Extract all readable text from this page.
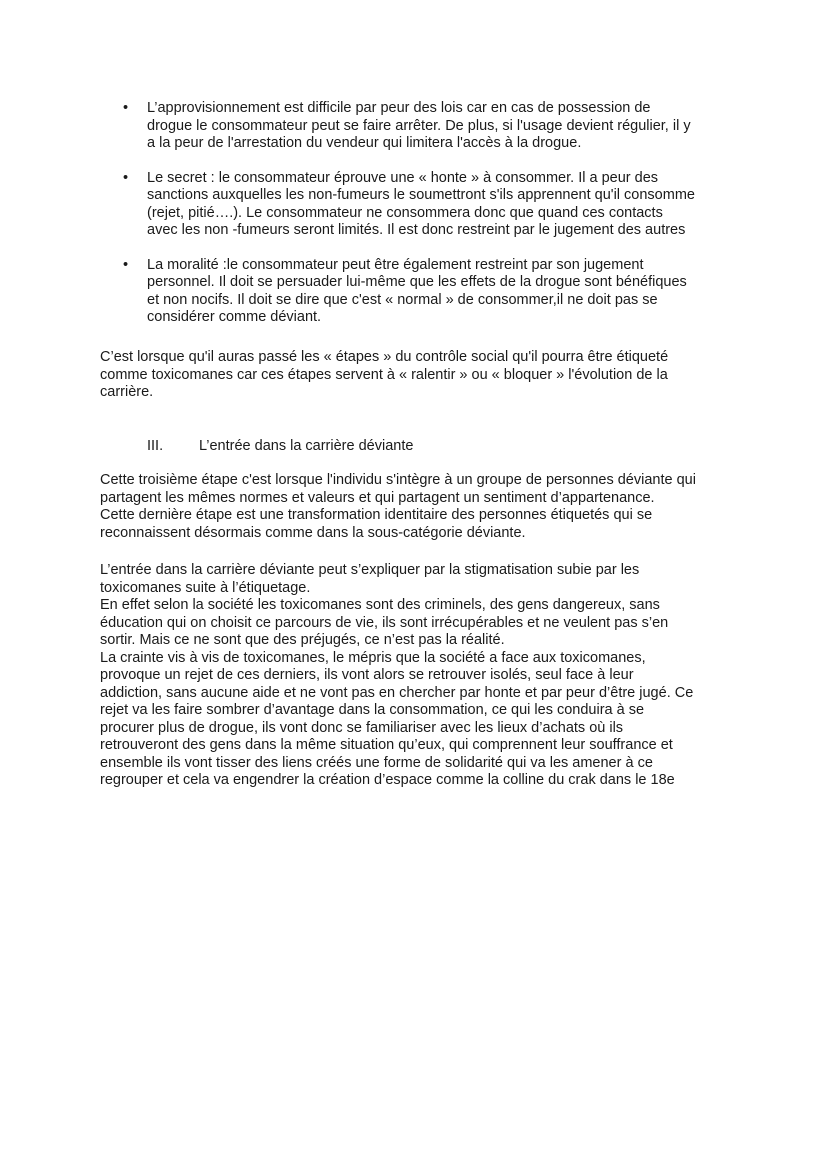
• L’approvisionnement est difficile par peur des lois car en cas de possession de
drogue le consommateur peut se faire arrêter. De plus, si l'usage devient régulier, il y
a la peur de l'arrestation du vendeur qui limitera l'accès à la drogue.
• Le secret : le consommateur éprouve une « honte » à consommer. Il a peur des
sanctions auxquelles les non-fumeurs le soumettront s'ils apprennent qu'il consomme
(rejet, pitié….). Le consommateur ne consommera donc que quand ces contacts
avec les non -fumeurs seront limités. Il est donc restreint par le jugement des autres
• La moralité :le consommateur peut être également restreint par son jugement
personnel. Il doit se persuader lui-même que les effets de la drogue sont bénéfiques
et non nocifs. Il doit se dire que c'est « normal » de consommer,il ne doit pas se
considérer comme déviant.
C’est lorsque qu'il auras passé les « étapes » du contrôle social qu'il pourra être étiqueté
comme toxicomanes car ces étapes servent à « ralentir » ou « bloquer » l'évolution de la
carrière.
III. L’entrée dans la carrière déviante
Cette troisième étape c'est lorsque l'individu s'intègre à un groupe de personnes déviante qui
partagent les mêmes normes et valeurs et qui partagent un sentiment d’appartenance.
Cette dernière étape est une transformation identitaire des personnes étiquetés qui se
reconnaissent désormais comme dans la sous-catégorie déviante.
L’entrée dans la carrière déviante peut s’expliquer par la stigmatisation subie par les
toxicomanes suite à l’étiquetage.
En effet selon la société les toxicomanes sont des criminels, des gens dangereux, sans
éducation qui on choisit ce parcours de vie, ils sont irrécupérables et ne veulent pas s’en
sortir. Mais ce ne sont que des préjugés, ce n’est pas la réalité.
La crainte vis à vis de toxicomanes, le mépris que la société a face aux toxicomanes,
provoque un rejet de ces derniers, ils vont alors se retrouver isolés, seul face à leur
addiction, sans aucune aide et ne vont pas en chercher par honte et par peur d’être jugé. Ce
rejet va les faire sombrer d’avantage dans la consommation, ce qui les conduira à se
procurer plus de drogue, ils vont donc se familiariser avec les lieux d’achats où ils
retrouveront des gens dans la même situation qu’eux, qui comprennent leur souffrance et
ensemble ils vont tisser des liens créés une forme de solidarité qui va les amener à ce
regrouper et cela va engendrer la création d’espace comme la colline du crak dans le 18e
